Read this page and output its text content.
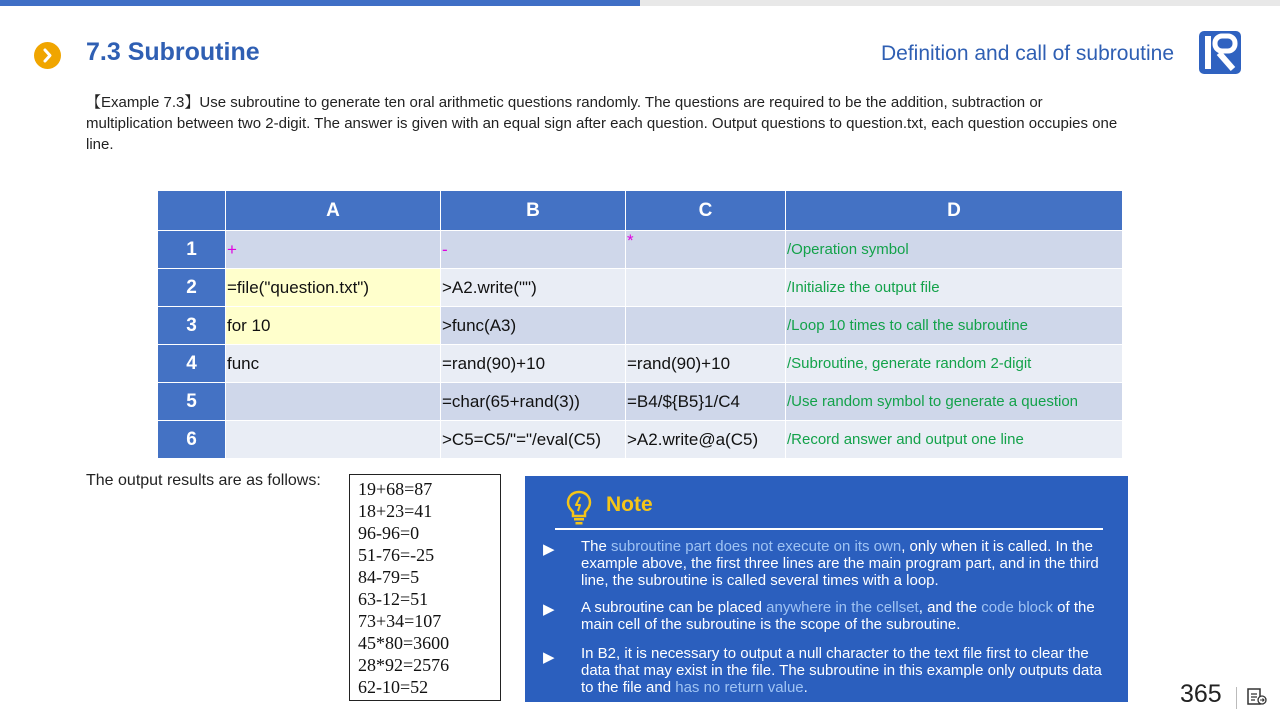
7.3 Subroutine	Definition and call of subroutine
【Example 7.3】Use subroutine to generate ten oral arithmetic questions randomly. The questions are required to be the addition, subtraction or multiplication between two 2-digit. The answer is given with an equal sign after each question. Output questions to question.txt, each question occupies one line.
	A	B	C	D
1	+	-	*	/Operation symbol
2	=file("question.txt")	>A2.write("")		/Initialize the output file
3	for 10	>func(A3)		/Loop 10 times to call the subroutine
4	func	=rand(90)+10	=rand(90)+10	/Subroutine, generate random 2-digit
5		=char(65+rand(3))	=B4/${B5}1/C4	/Use random symbol to generate a question
6		>C5=C5/"="/eval(C5)	>A2.write@a(C5)	/Record answer and output one line
The output results are as follows: 19+68=87
18+23=41
96-96=0
51-76=-25
84-79=5
63-12=51
73+34=107
45*80=3600
28*92=2576
62-10=52
Note
▶ The subroutine part does not execute on its own, only when it is called. In the example above, the first three lines are the main program part, and in the third line, the subroutine is called several times with a loop.
▶ A subroutine can be placed anywhere in the cellset, and the code block of the main cell of the subroutine is the scope of the subroutine.
▶ In B2, it is necessary to output a null character to the text file first to clear the data that may exist in the file. The subroutine in this example only outputs data to the file and has no return value.	365
